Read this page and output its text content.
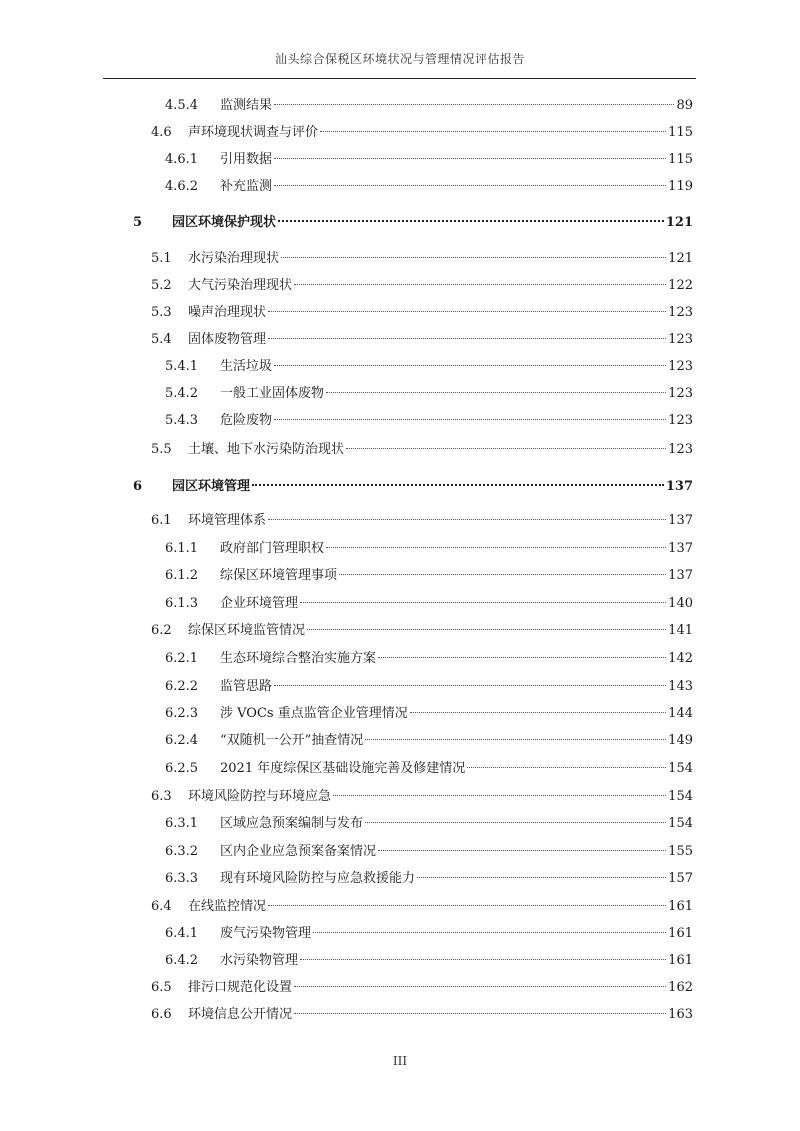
汕头综合保税区环境状况与管理情况评估报告
4.5.4	监测结果	89
4.6	声环境现状调查与评价	115
4.6.1	引用数据	115
4.6.2	补充监测	119
5	园区环境保护现状	121
5.1	水污染治理现状	121
5.2	大气污染治理现状	122
5.3	噪声治理现状	123
5.4	固体废物管理	123
5.4.1	生活垃圾	123
5.4.2	一般工业固体废物	123
5.4.3	危险废物	123
5.5	土壤、地下水污染防治现状	123
6	园区环境管理	137
6.1	环境管理体系	137
6.1.1	政府部门管理职权	137
6.1.2	综保区环境管理事项	137
6.1.3	企业环境管理	140
6.2	综保区环境监管情况	141
6.2.1	生态环境综合整治实施方案	142
6.2.2	监管思路	143
6.2.3	涉 VOCs 重点监管企业管理情况	144
6.2.4	“双随机一公开”抽查情况	149
6.2.5	2021 年度综保区基础设施完善及修建情况	154
6.3	环境风险防控与环境应急	154
6.3.1	区域应急预案编制与发布	154
6.3.2	区内企业应急预案备案情况	155
6.3.3	现有环境风险防控与应急救援能力	157
6.4	在线监控情况	161
6.4.1	废气污染物管理	161
6.4.2	水污染物管理	161
6.5	排污口规范化设置	162
6.6	环境信息公开情况	163
III
